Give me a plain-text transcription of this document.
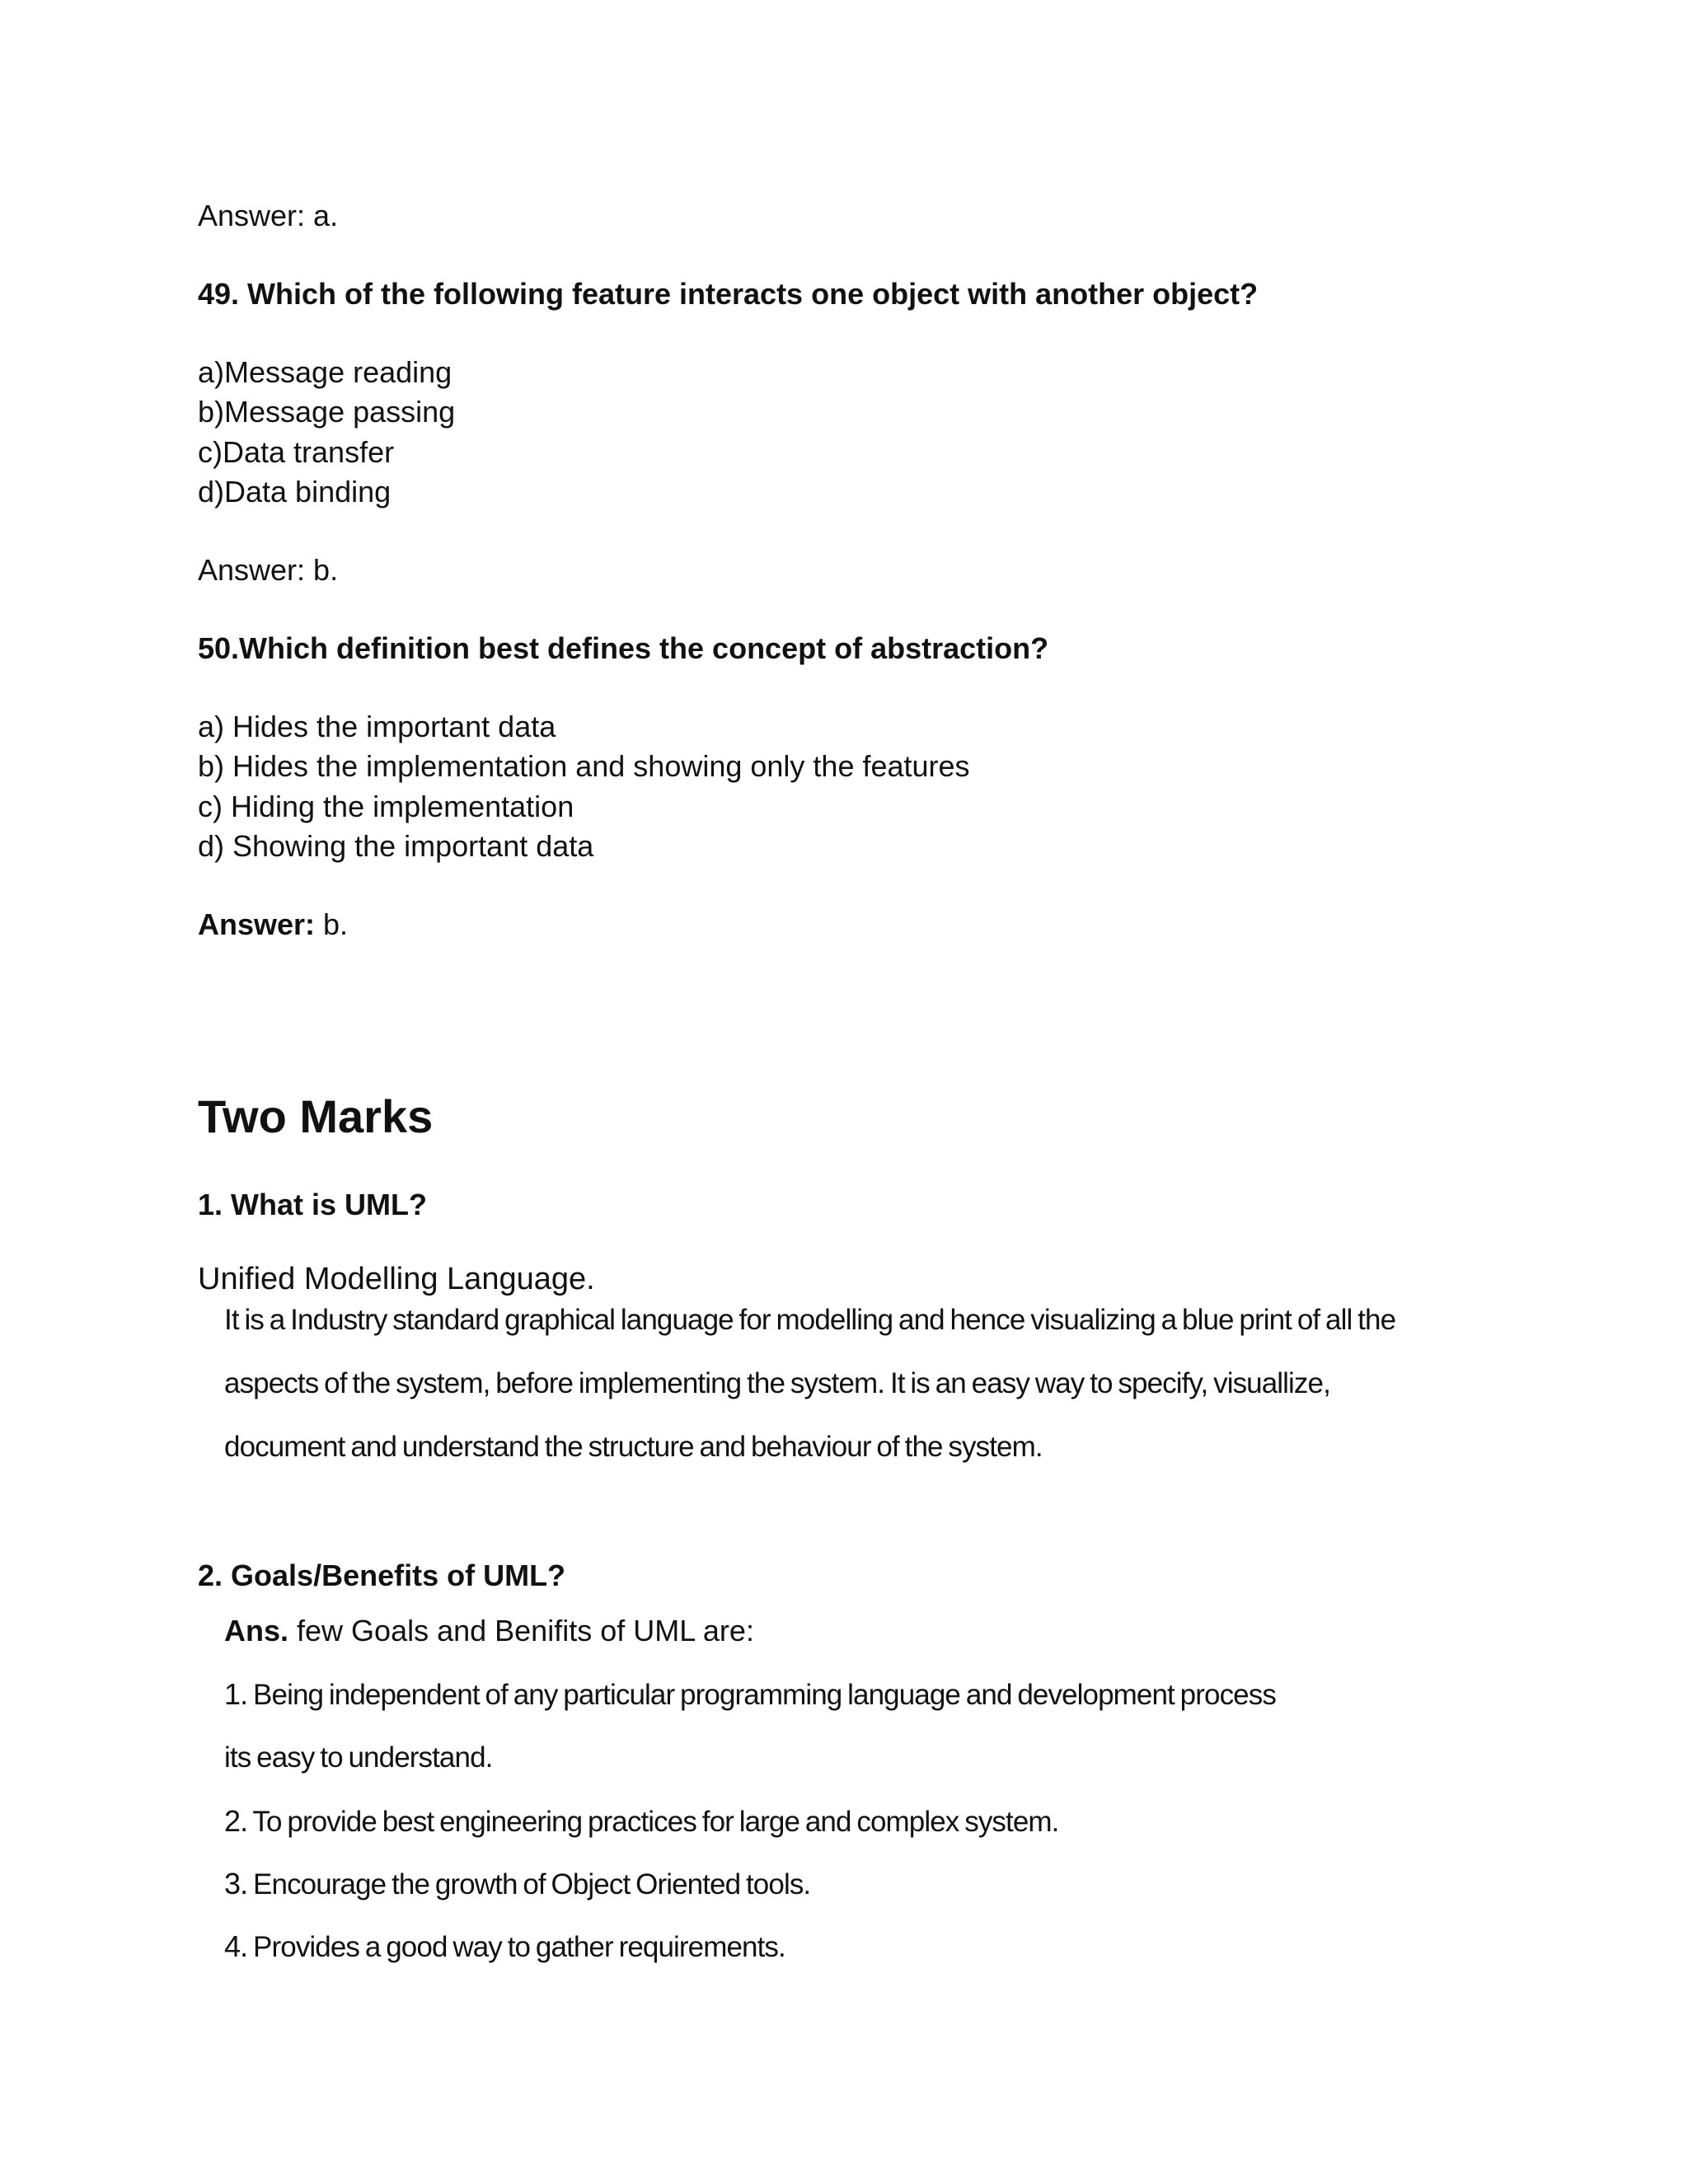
Answer: a.
49. Which of the following feature interacts one object with another object?
a)Message reading
b)Message passing
c)Data transfer
d)Data binding
Answer: b.
50.Which definition best defines the concept of abstraction?
a) Hides the important data
b) Hides the implementation and showing only the features
c) Hiding the implementation
d) Showing the important data
Answer: b.
Two Marks
1. What is UML?
Unified Modelling Language.
It is a Industry standard graphical language for modelling and hence visualizing a blue print of all the
aspects of the system, before implementing the system. It is an easy way to specify, visuallize,
document and understand the structure and behaviour of the system.
2. Goals/Benefits of UML?
Ans. few Goals and Benifits of UML are:
1. Being independent of any particular programming language and development process
its easy to understand.
2. To provide best engineering practices for large and complex system.
3. Encourage the growth of Object Oriented tools.
4. Provides a good way to gather requirements.
